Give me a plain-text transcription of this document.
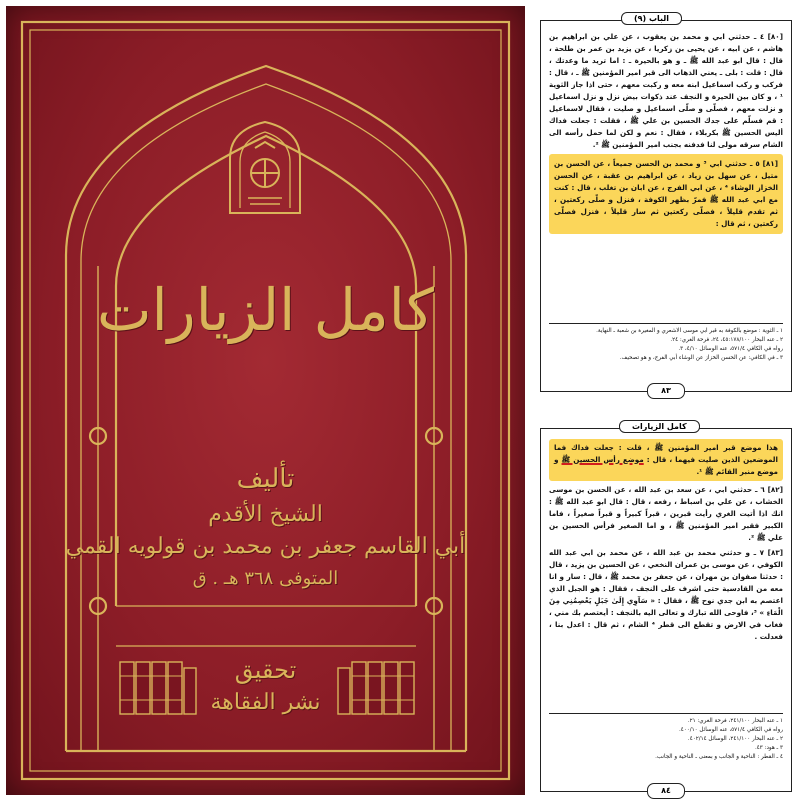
كامل الزيارات
تأليف
الشيخ الأقدم
أبي القاسم جعفر بن محمد بن قولويه القمي
المتوفى ٣٦٨ هـ . ق
تحقيق
نشر الفقاهة
الباب (٩)

[٨٠] ٤ ـ حدثني ابي و محمد بن يعقوب ، عن علي بن ابراهيم بن هاشم ، عن ابيه ، عن يحيى بن زكريا ، عن يزيد بن عمر بن طلحة ، قال : قال ابو عبد الله ﷺ ـ و هو بالحيرة ـ : اما تريد ما وعدتك ، قال : قلت : بلى ـ يعني الذهاب الى قبر امير المؤمنين ﷺ ـ ، قال : فركب و ركب اسماعيل ابنه معه و ركبت معهم ، حتى اذا جاز الثوية ¹ ، و كان بين الحيرة و النجف عند ذكوات بيض نزل و نزل اسماعيل و نزلت معهم ، فصلّى و صلّى اسماعيل و صليت ، فقال لاسماعيل : قم فسلّم على جدك الحسين بن علي ﷺ ، فقلت : جعلت فداك أليس الحسين ﷺ بكربلاء ، فقال : نعم و لكن لما حمل رأسه الى الشام سرقه مولى لنا فدفنه بجنب امير المؤمنين ﷺ ².

[٨١] ٥ ـ حدثني ابي ³ و محمد بن الحسن جميعاً ، عن الحسن بن متيل ، عن سهل بن زياد ، عن ابراهيم بن عقبة ، عن الحسن الخزاز الوشاء ⁴ ، عن ابي الفرج ، عن ابان بن تغلب ، قال : كنت مع ابي عبد الله ﷺ فمرّ بظهر الكوفة ، فنزل و صلّى ركعتين ، ثم تقدم قليلاً ، فصلّى ركعتين ثم سار قليلاً ، فنزل فصلّى ركعتين ، ثم قال :

١ ـ الثوية : موضع بالكوفة به قبر ابي موسى الاشعري و المغيرة بن شعبة ـ النهاية.
٢ ـ عنه البحار ٤٥:١٧٨/١٠٠، ٢٤، فرحة الغري: ٢٤.
رواه في الكافي ٥٧١/٤، عنه الوسائل ٤/١٠، ٣.
٣ ـ في الكافي: عن الحسن الخزاز عن الوشاء أبي الفرج، و هو تصحيف.
٨٣
كامل الزيارات

هذا موضع قبر امير المؤمنين ﷺ ، قلت : جعلت فداك فما الموضعين الذين صليت فيهما ، قال : موضع رأس الحسين ﷺ و موضع منبر القائم ﷺ ¹.

[٨٢] ٦ ـ حدثني ابي ، عن سعد بن عبد الله ، عن الحسن بن موسى الخشاب ، عن علي بن اسباط ، رفعه ، قال : قال ابو عبد الله ﷺ : انك اذا أتيت الغري رأيت قبرين ، قبراً كبيراً و قبراً صغيراً ، فاما الكبير فقبر امير المؤمنين ﷺ ، و اما الصغير فرأس الحسين بن علي ﷺ ².

[٨٣] ٧ ـ و حدثني محمد بن عبد الله ، عن محمد بن ابي عبد الله الكوفي ، عن موسى بن عمران النخعي ، عن الحسين بن يزيد ، قال : حدثنا صفوان بن مهران ، عن جعفر بن محمد ﷺ ، قال : سار و انا معه من القادسية حتى اشرف على النجف ، فقال : هو الجبل الذي اعتصم به ابن جدي نوح ﷺ ، فقال : « سَآوِي إِلَىٰ جَبَلٍ يَعْصِمُنِي مِنَ الْمَاءِ » ³، فاوحى الله تبارك و تعالى اليه بالنجف : أيعتصم بك مني ، فغاب في الارض و تقطع الى قطر ⁴ الشام ، ثم قال : اعدل بنا ، فعدلت .

١ ـ عنه البحار ٢٤١/١٠٠، فرحة الغري: ٢١.
رواه في الكافي ٥٧١/٤، عنه الوسائل ٤٠٠/١٠.
٢ ـ عنه البحار ٢٤١/١٠٠، الوسائل ٤٠٢/١٤.
٣ ـ هود: ٤٣.
٤ ـ القطر : الناحية و الجانب و بمعنى ـ الناحية و الجانب.
٨٤
